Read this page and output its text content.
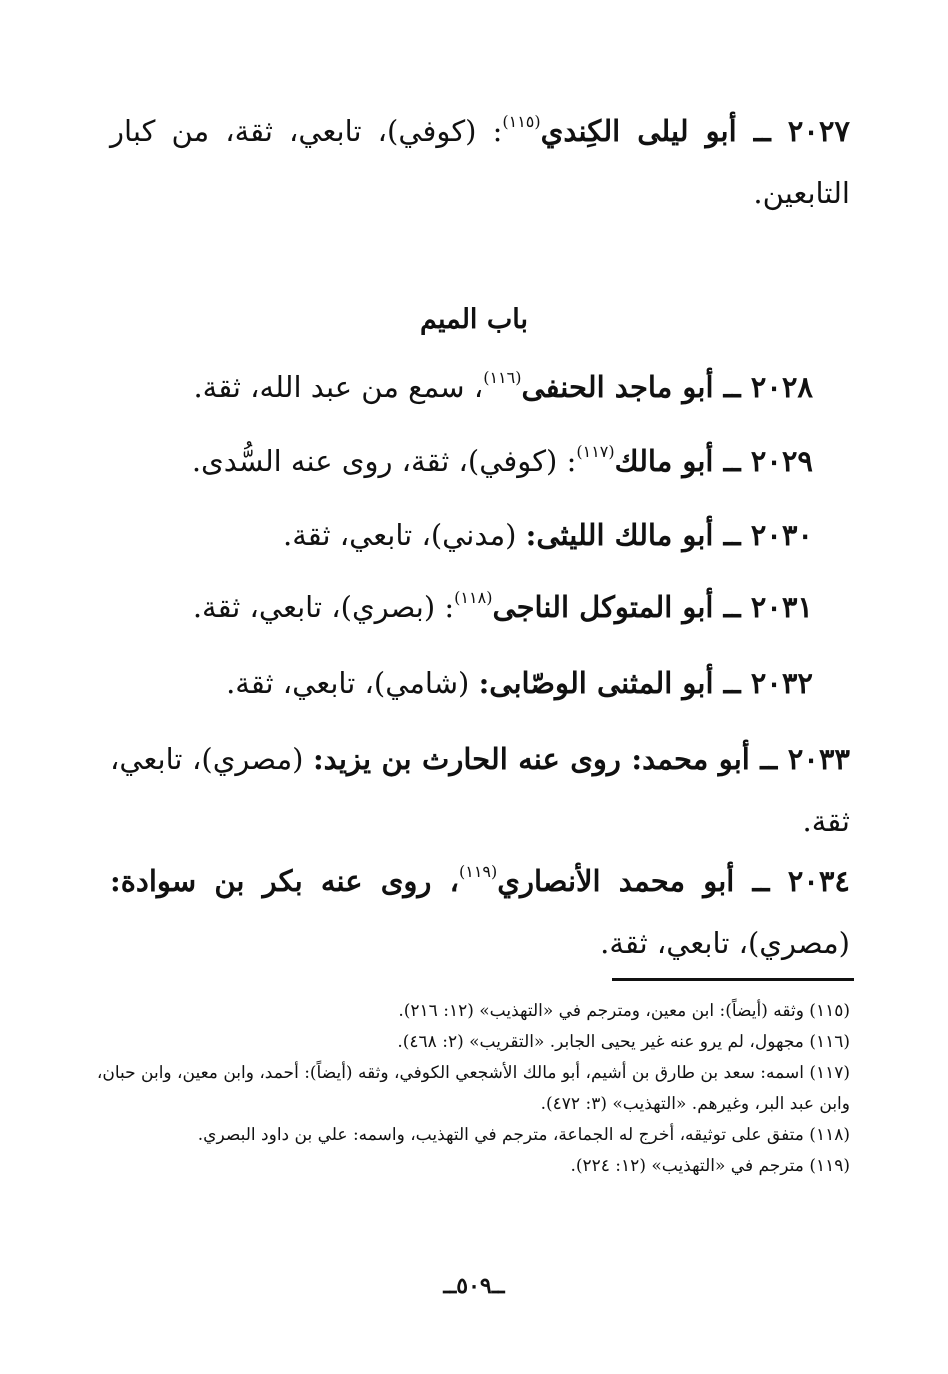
٢٠٢٧ ــ أبو ليلى الكِندي$^{(١١٥)}$: (كوفي)، تابعي، ثقة، من كبار التابعين.
باب الميم
٢٠٢٨ ــ أبو ماجد الحنفى$^{(١١٦)}$، سمع من عبد الله، ثقة.
٢٠٢٩ ــ أبو مالك$^{(١١٧)}$: (كوفي)، ثقة، روى عنه السُّدى.
٢٠٣٠ ــ أبو مالك الليثى: (مدني)، تابعي، ثقة.
٢٠٣١ ــ أبو المتوكل الناجى$^{(١١٨)}$: (بصري)، تابعي، ثقة.
٢٠٣٢ ــ أبو المثنى الوصّابى: (شامي)، تابعي، ثقة.
٢٠٣٣ ــ أبو محمد: روى عنه الحارث بن يزيد: (مصري)، تابعي، ثقة.
٢٠٣٤ ــ أبو محمد الأنصاري$^{(١١٩)}$، روى عنه بكر بن سوادة: (مصري)، تابعي، ثقة.

(١١٥) وثقه (أيضاً): ابن معين، ومترجم في «التهذيب» (١٢: ٢١٦).

(١١٦) مجهول، لم يرو عنه غير يحيى الجابر. «التقريب» (٢: ٤٦٨).

(١١٧) اسمه: سعد بن طارق بن أشيم، أبو مالك الأشجعي الكوفي، وثقه (أيضاً): أحمد، وابن معين، وابن حبان، وابن عبد البر، وغيرهم. «التهذيب» (٣: ٤٧٢).

(١١٨) متفق على توثيقه، أخرج له الجماعة، مترجم في التهذيب، واسمه: علي بن داود البصري.

(١١٩) مترجم في «التهذيب» (١٢: ٢٢٤).

ــ٥٠٩ــ
